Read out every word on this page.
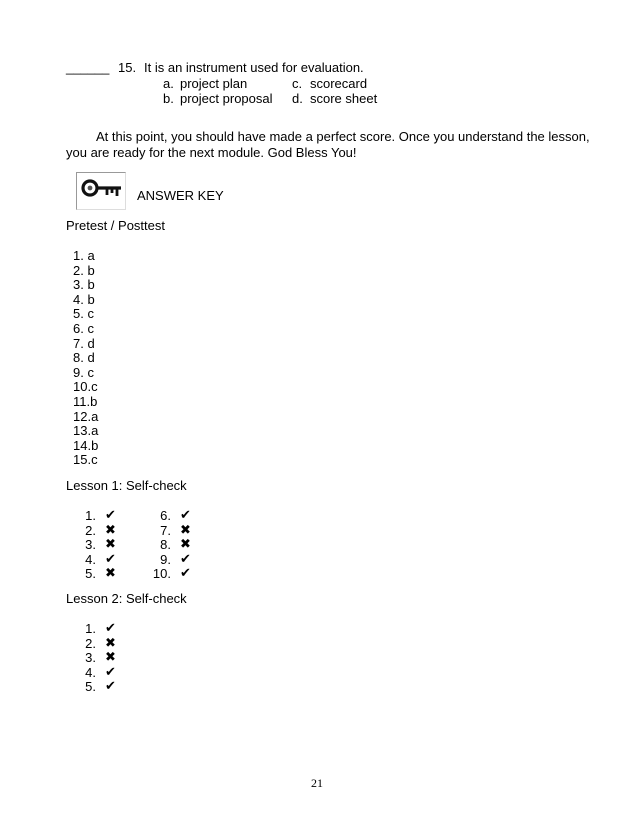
______ 15. It is an instrument used for evaluation.
a. project plan
b. project proposal
c. scorecard
d. score sheet
At this point, you should have made a perfect score. Once you understand the lesson,
you are ready for the next module. God Bless You!
ANSWER KEY
Pretest / Posttest
1. a
2. b
3. b
4. b
5. c
6. c
7. d
8. d
9. c
10.c
11.b
12.a
13.a
14.b
15.c
Lesson 1: Self-check
1. ✔
2. ✖
3. ✖
4. ✔
5. ✖
6. ✔
7. ✖
8. ✖
9. ✔
10. ✔
Lesson 2: Self-check
1. ✔
2. ✖
3. ✖
4. ✔
5. ✔
21
